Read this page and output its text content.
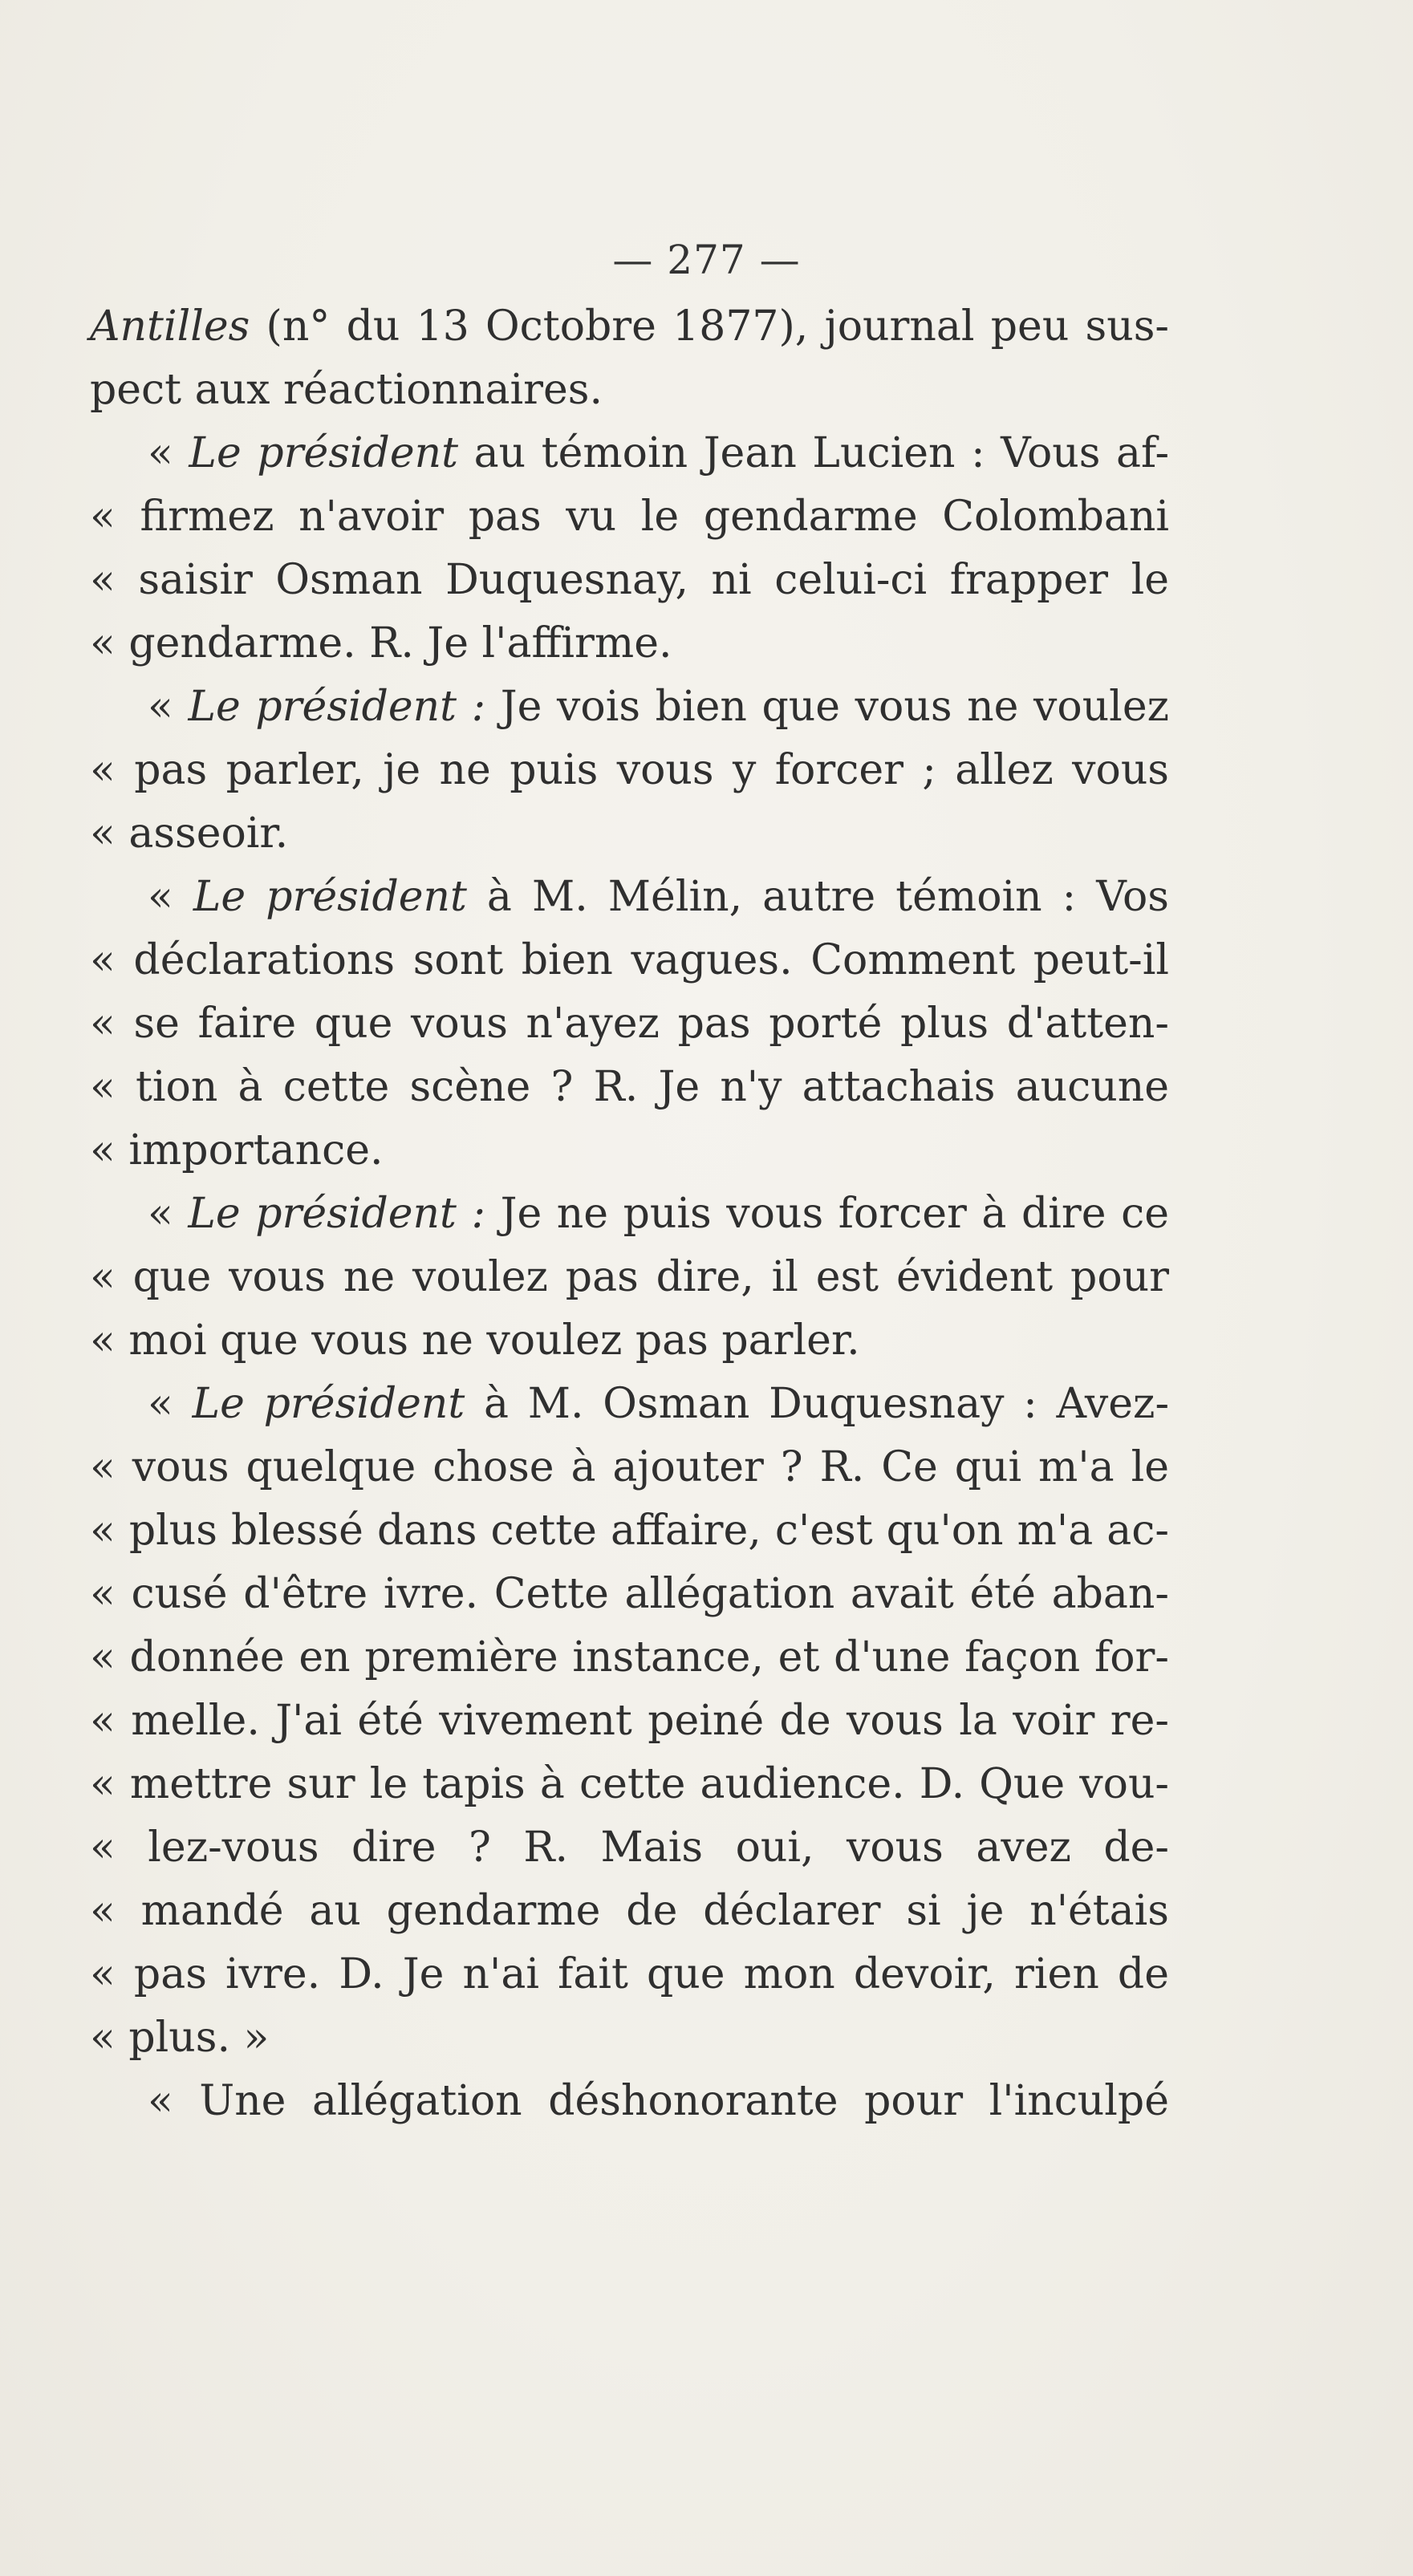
— 277 —
Antilles (n° du 13 Octobre 1877), journal peu sus-
pect aux réactionnaires.
« Le président au témoin Jean Lucien : Vous af-
« firmez n'avoir pas vu le gendarme Colombani
« saisir Osman Duquesnay, ni celui-ci frapper le
« gendarme. R. Je l'affirme.
« Le président : Je vois bien que vous ne voulez
« pas parler, je ne puis vous y forcer ; allez vous
« asseoir.
« Le président à M. Mélin, autre témoin : Vos
« déclarations sont bien vagues. Comment peut-il
« se faire que vous n'ayez pas porté plus d'atten-
« tion à cette scène ? R. Je n'y attachais aucune
« importance.
« Le président : Je ne puis vous forcer à dire ce
« que vous ne voulez pas dire, il est évident pour
« moi que vous ne voulez pas parler.
« Le président à M. Osman Duquesnay : Avez-
« vous quelque chose à ajouter ? R. Ce qui m'a le
« plus blessé dans cette affaire, c'est qu'on m'a ac-
« cusé d'être ivre. Cette allégation avait été aban-
« donnée en première instance, et d'une façon for-
« melle. J'ai été vivement peiné de vous la voir re-
« mettre sur le tapis à cette audience. D. Que vou-
« lez-vous dire ? R. Mais oui, vous avez de-
« mandé au gendarme de déclarer si je n'étais
« pas ivre. D. Je n'ai fait que mon devoir, rien de
« plus. »
« Une allégation déshonorante pour l'inculpé
